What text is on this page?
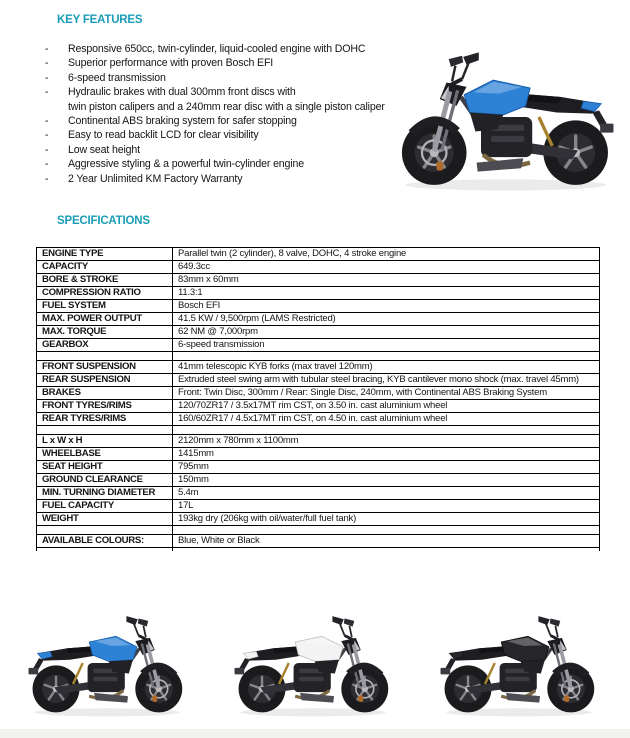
KEY FEATURES
-	Responsive 650cc, twin-cylinder, liquid-cooled engine with DOHC
-	Superior performance with proven Bosch EFI
-	6-speed transmission
-	Hydraulic brakes with dual 300mm front discs with
twin piston calipers and a 240mm rear disc with a single piston caliper
-	Continental ABS braking system for safer stopping
-	Easy to read backlit LCD for clear visibility
-	Low seat height
-	Aggressive styling & a powerful twin-cylinder engine
-	2 Year Unlimited KM Factory Warranty
SPECIFICATIONS
ENGINE TYPE	Parallel twin (2 cylinder), 8 valve, DOHC, 4 stroke engine
CAPACITY	649.3cc
BORE & STROKE	83mm x 60mm
COMPRESSION RATIO	11.3:1
FUEL SYSTEM	Bosch EFI
MAX. POWER OUTPUT	41.5 KW / 9,500rpm (LAMS Restricted)
MAX. TORQUE	62 NM @ 7,000rpm
GEARBOX	6-speed transmission

FRONT SUSPENSION	41mm telescopic KYB forks (max travel 120mm)
REAR SUSPENSION	Extruded steel swing arm with tubular steel bracing, KYB cantilever mono shock (max. travel 45mm)
BRAKES	Front: Twin Disc, 300mm / Rear: Single Disc, 240mm, with Continental ABS Braking System
FRONT TYRES/RIMS	120/70ZR17 / 3.5x17MT rim CST, on 3.50 in. cast aluminium wheel
REAR TYRES/RIMS	160/60ZR17 / 4.5x17MT rim CST, on 4.50 in. cast aluminium wheel

L x W x H	2120mm x 780mm x 1100mm
WHEELBASE	1415mm
SEAT HEIGHT	795mm
GROUND CLEARANCE	150mm
MIN. TURNING DIAMETER	5.4m
FUEL CAPACITY	17L
WEIGHT	193kg dry (206kg with oil/water/full fuel tank)

AVAILABLE COLOURS:	Blue, White or Black
